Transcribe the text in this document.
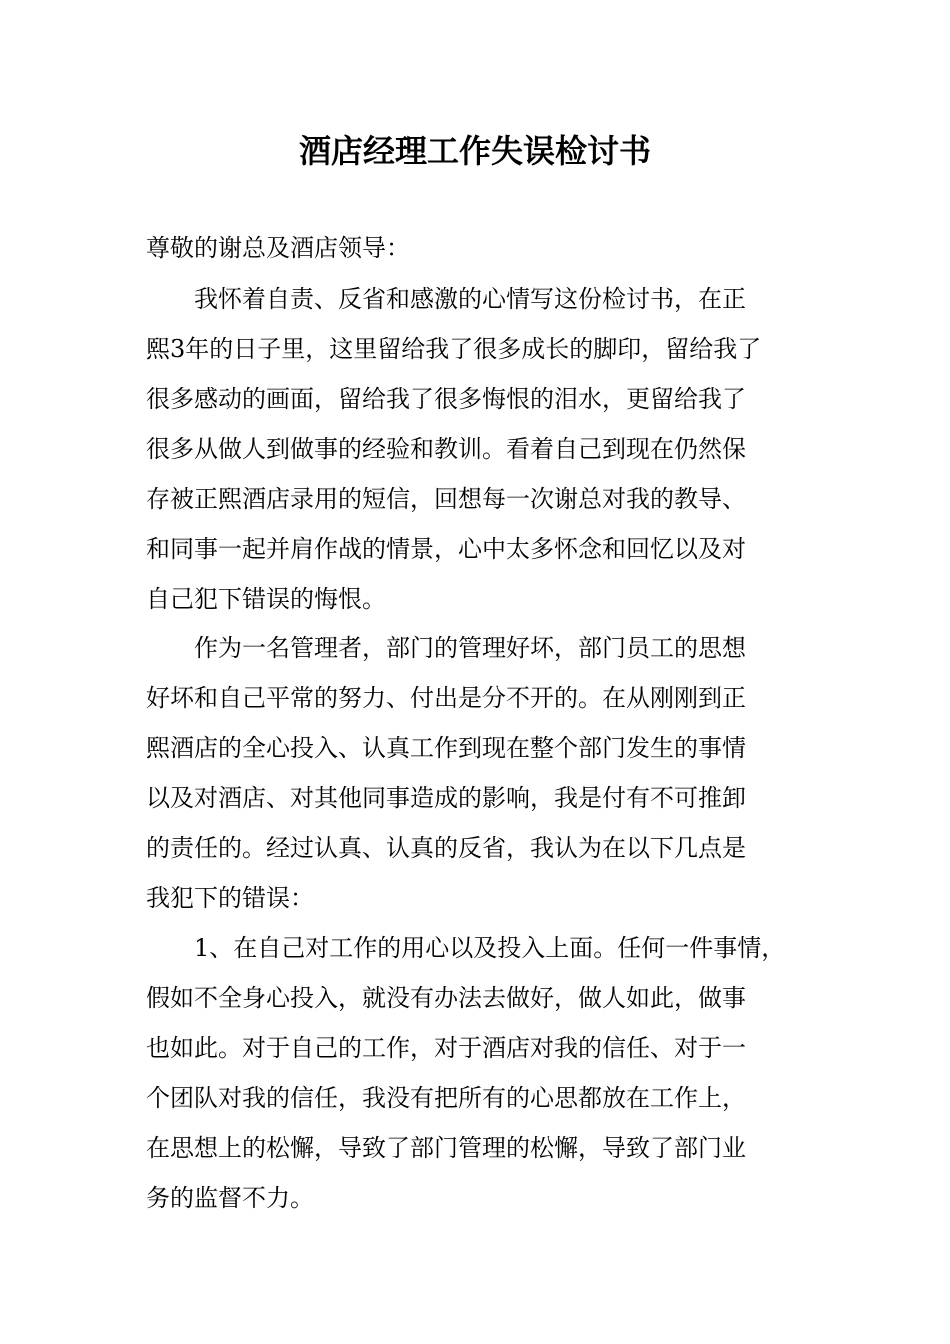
酒店经理工作失误检讨书
尊敬的谢总及酒店领导：
　　我怀着自责、反省和感激的心情写这份检讨书，在正
熙3年的日子里，这里留给我了很多成长的脚印，留给我了
很多感动的画面，留给我了很多悔恨的泪水，更留给我了
很多从做人到做事的经验和教训。看着自己到现在仍然保
存被正熙酒店录用的短信，回想每一次谢总对我的教导、
和同事一起并肩作战的情景，心中太多怀念和回忆以及对
自己犯下错误的悔恨。
　　作为一名管理者，部门的管理好坏，部门员工的思想
好坏和自己平常的努力、付出是分不开的。在从刚刚到正
熙酒店的全心投入、认真工作到现在整个部门发生的事情
以及对酒店、对其他同事造成的影响，我是付有不可推卸
的责任的。经过认真、认真的反省，我认为在以下几点是
我犯下的错误：
　　1、在自己对工作的用心以及投入上面。任何一件事情，
假如不全身心投入，就没有办法去做好，做人如此，做事
也如此。对于自己的工作，对于酒店对我的信任、对于一
个团队对我的信任，我没有把所有的心思都放在工作上，
在思想上的松懈，导致了部门管理的松懈，导致了部门业
务的监督不力。
